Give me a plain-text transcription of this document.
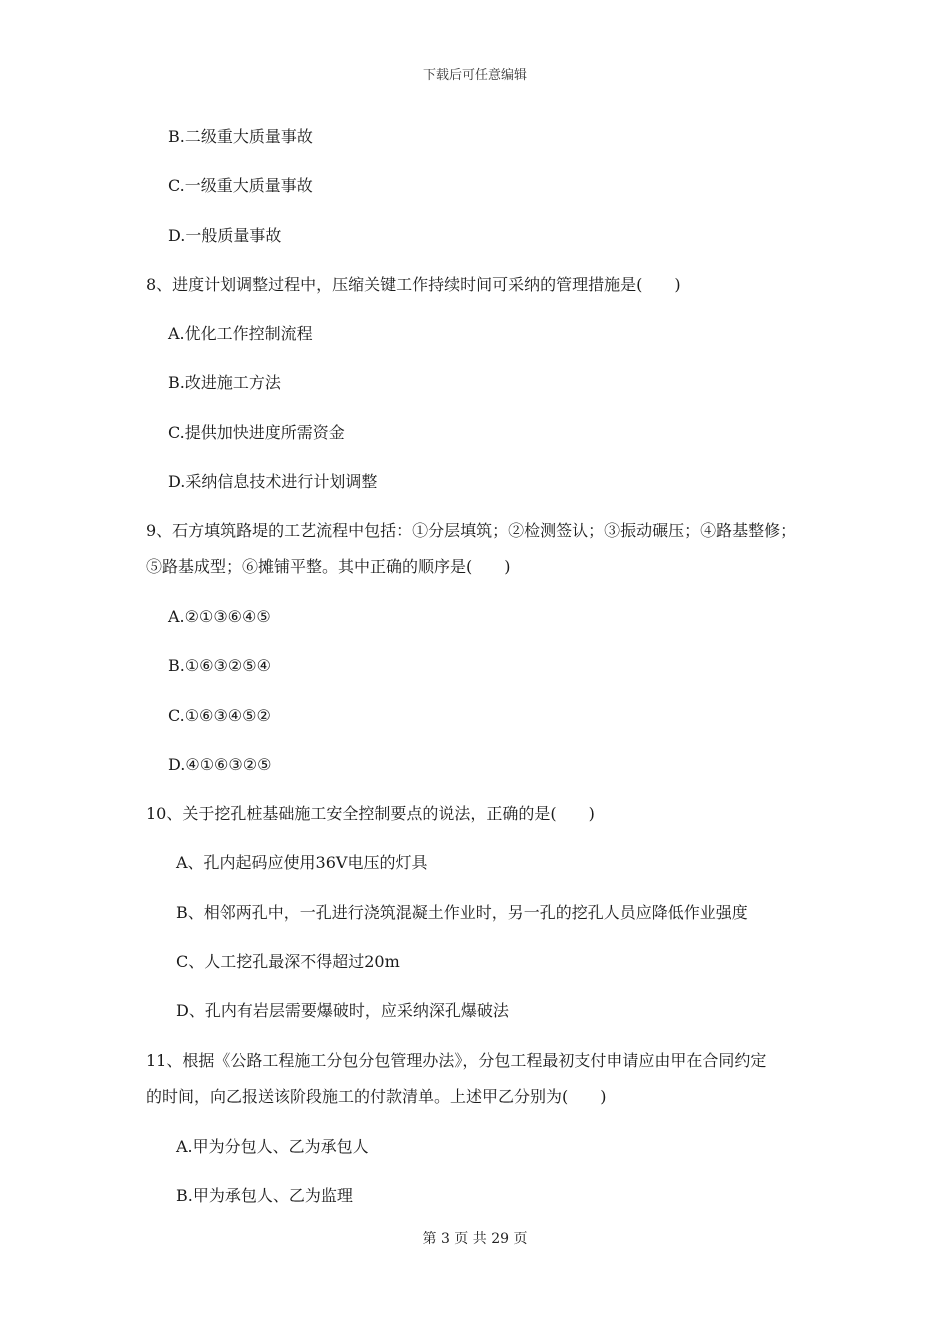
下载后可任意编辑
B.二级重大质量事故
C.一级重大质量事故
D.一般质量事故
8、进度计划调整过程中，压缩关键工作持续时间可采纳的管理措施是(　　)
A.优化工作控制流程
B.改进施工方法
C.提供加快进度所需资金
D.采纳信息技术进行计划调整
9、石方填筑路堤的工艺流程中包括：①分层填筑；②检测签认；③振动碾压；④路基整修；
⑤路基成型；⑥摊铺平整。其中正确的顺序是(　　)
A.②①③⑥④⑤
B.①⑥③②⑤④
C.①⑥③④⑤②
D.④①⑥③②⑤
10、关于挖孔桩基础施工安全控制要点的说法，正确的是(　　)
A、孔内起码应使用36V电压的灯具
B、相邻两孔中，一孔进行浇筑混凝土作业时，另一孔的挖孔人员应降低作业强度
C、人工挖孔最深不得超过20m
D、孔内有岩层需要爆破时，应采纳深孔爆破法
11、根据《公路工程施工分包分包管理办法》，分包工程最初支付申请应由甲在合同约定
的时间，向乙报送该阶段施工的付款清单。上述甲乙分别为(　　)
A.甲为分包人、乙为承包人
B.甲为承包人、乙为监理
第 3 页 共 29 页
